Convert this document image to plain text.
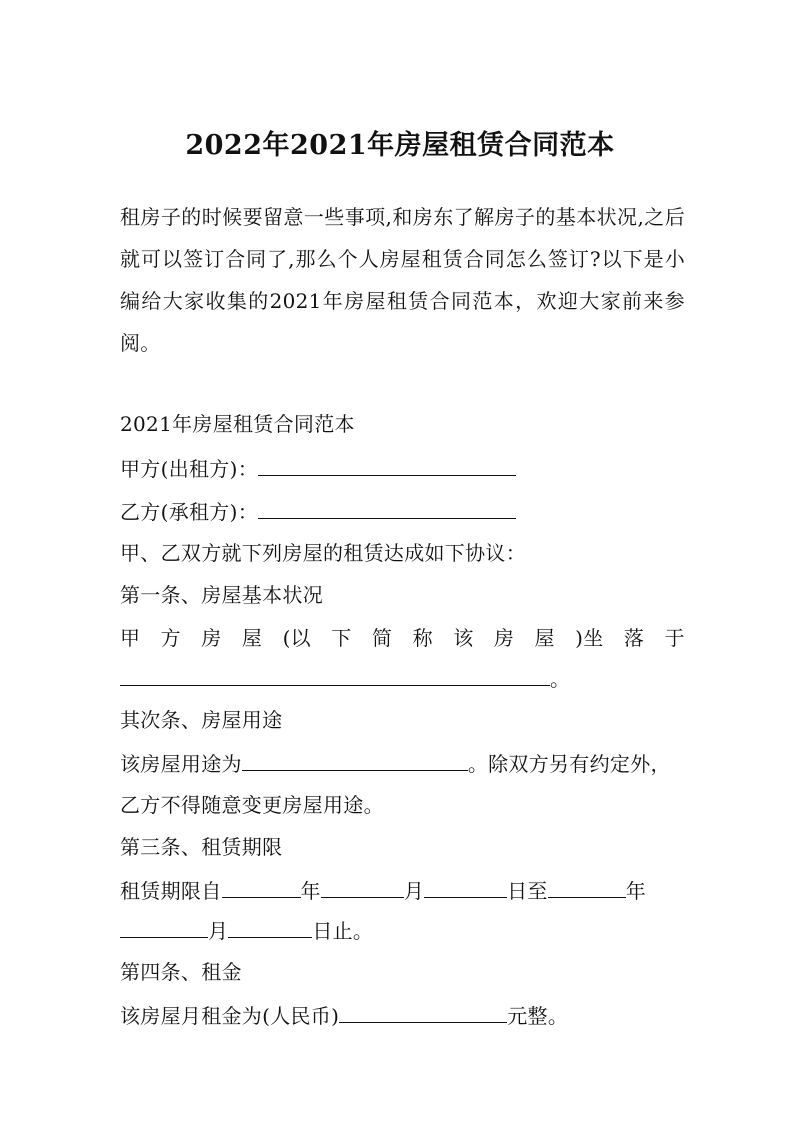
2022年2021年房屋租赁合同范本
租房子的时候要留意一些事项,和房东了解房子的基本状况,之后就可以签订合同了,那么个人房屋租赁合同怎么签订?以下是小编给大家收集的2021年房屋租赁合同范本，欢迎大家前来参阅。
2021年房屋租赁合同范本
甲方(出租方)：
乙方(承租方)：
甲、乙双方就下列房屋的租赁达成如下协议：
第一条、房屋基本状况
甲 方 房 屋 (以 下 简 称 该 房 屋 )坐 落 于
。
其次条、房屋用途
该房屋用途为	。除双方另有约定外，
乙方不得随意变更房屋用途。
第三条、租赁期限
租赁期限自	年	月	日至	年
月	日止。
第四条、租金
该房屋月租金为(人民币)	元整。
